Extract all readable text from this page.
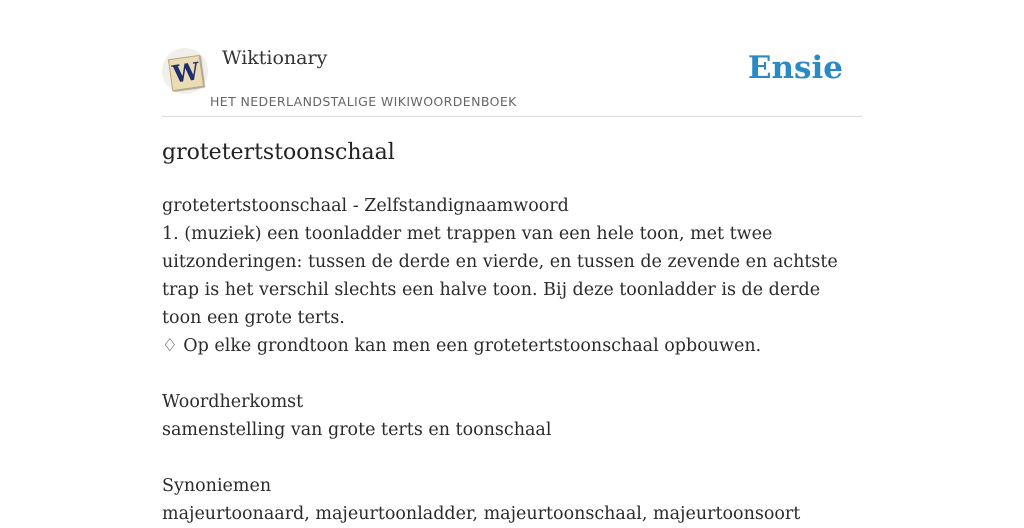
W Wiktionary
HET NEDERLANDSTALIGE WIKIWOORDENBOEK
Ensie
grotetertstoonschaal

grotetertstoonschaal - Zelfstandignaamwoord

1. (muziek) een toonladder met trappen van een hele toon, met twee uitzonderingen: tussen de derde en vierde, en tussen de zevende en achtste trap is het verschil slechts een halve toon. Bij deze toonladder is de derde toon een grote terts.

♢ Op elke grondtoon kan men een grotetertstoonschaal opbouwen.

Woordherkomst

samenstelling van grote terts en toonschaal

Synoniemen

majeurtoonaard, majeurtoonladder, majeurtoonschaal, majeurtoonsoort
